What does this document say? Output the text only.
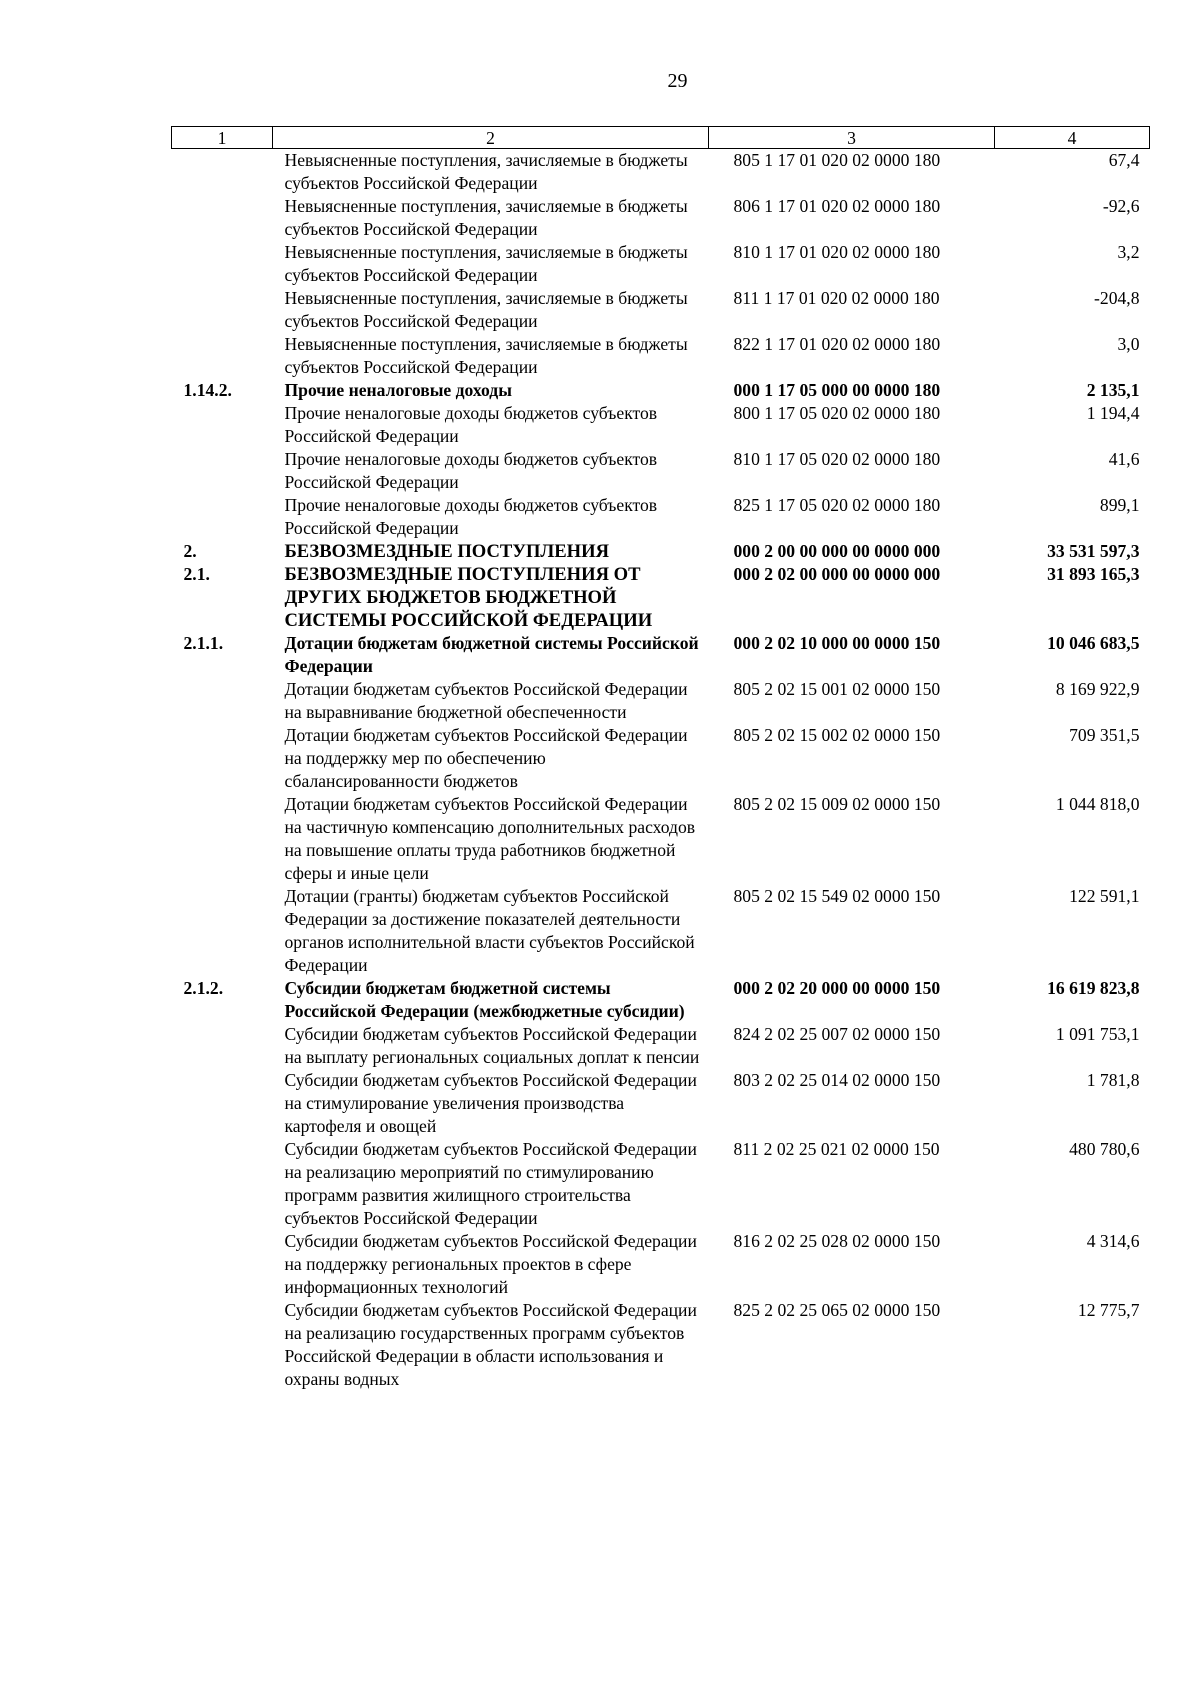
29
1	2	3	4
	Невыясненные поступления, зачисляемые в бюджеты субъектов Российской Федерации	805 1 17 01 020 02 0000 180	67,4
	Невыясненные поступления, зачисляемые в бюджеты субъектов Российской Федерации	806 1 17 01 020 02 0000 180	-92,6
	Невыясненные поступления, зачисляемые в бюджеты субъектов Российской Федерации	810 1 17 01 020 02 0000 180	3,2
	Невыясненные поступления, зачисляемые в бюджеты субъектов Российской Федерации	811 1 17 01 020 02 0000 180	-204,8
	Невыясненные поступления, зачисляемые в бюджеты субъектов Российской Федерации	822 1 17 01 020 02 0000 180	3,0
1.14.2.	Прочие неналоговые доходы	000 1 17 05 000 00 0000 180	2 135,1
	Прочие неналоговые доходы бюджетов субъектов Российской Федерации	800 1 17 05 020 02 0000 180	1 194,4
	Прочие неналоговые доходы бюджетов субъектов Российской Федерации	810 1 17 05 020 02 0000 180	41,6
	Прочие неналоговые доходы бюджетов субъектов Российской Федерации	825 1 17 05 020 02 0000 180	899,1
2.	БЕЗВОЗМЕЗДНЫЕ ПОСТУПЛЕНИЯ	000 2 00 00 000 00 0000 000	33 531 597,3
2.1.	БЕЗВОЗМЕЗДНЫЕ ПОСТУПЛЕНИЯ ОТ ДРУГИХ БЮДЖЕТОВ БЮДЖЕТНОЙ СИСТЕМЫ РОССИЙСКОЙ ФЕДЕРАЦИИ	000 2 02 00 000 00 0000 000	31 893 165,3
2.1.1.	Дотации бюджетам бюджетной системы Российской Федерации	000 2 02 10 000 00 0000 150	10 046 683,5
	Дотации бюджетам субъектов Российской Федерации на выравнивание бюджетной обеспеченности	805 2 02 15 001 02 0000 150	8 169 922,9
	Дотации бюджетам субъектов Российской Федерации на поддержку мер по обеспечению сбалансированности бюджетов	805 2 02 15 002 02 0000 150	709 351,5
	Дотации бюджетам субъектов Российской Федерации на частичную компенсацию дополнительных расходов на повышение оплаты труда работников бюджетной сферы и иные цели	805 2 02 15 009 02 0000 150	1 044 818,0
	Дотации (гранты) бюджетам субъектов Российской Федерации за достижение показателей деятельности органов исполнительной власти субъектов Российской Федерации	805 2 02 15 549 02 0000 150	122 591,1
2.1.2.	Субсидии бюджетам бюджетной системы Российской Федерации (межбюджетные субсидии)	000 2 02 20 000 00 0000 150	16 619 823,8
	Субсидии бюджетам субъектов Российской Федерации на выплату региональных социальных доплат к пенсии	824 2 02 25 007 02 0000 150	1 091 753,1
	Субсидии бюджетам субъектов Российской Федерации на стимулирование увеличения производства картофеля и овощей	803 2 02 25 014 02 0000 150	1 781,8
	Субсидии бюджетам субъектов Российской Федерации на реализацию мероприятий по стимулированию программ развития жилищного строительства субъектов Российской Федерации	811 2 02 25 021 02 0000 150	480 780,6
	Субсидии бюджетам субъектов Российской Федерации на поддержку региональных проектов в сфере информационных технологий	816 2 02 25 028 02 0000 150	4 314,6
	Субсидии бюджетам субъектов Российской Федерации на реализацию государственных программ субъектов Российской Федерации в области использования и охраны водных	825 2 02 25 065 02 0000 150	12 775,7
